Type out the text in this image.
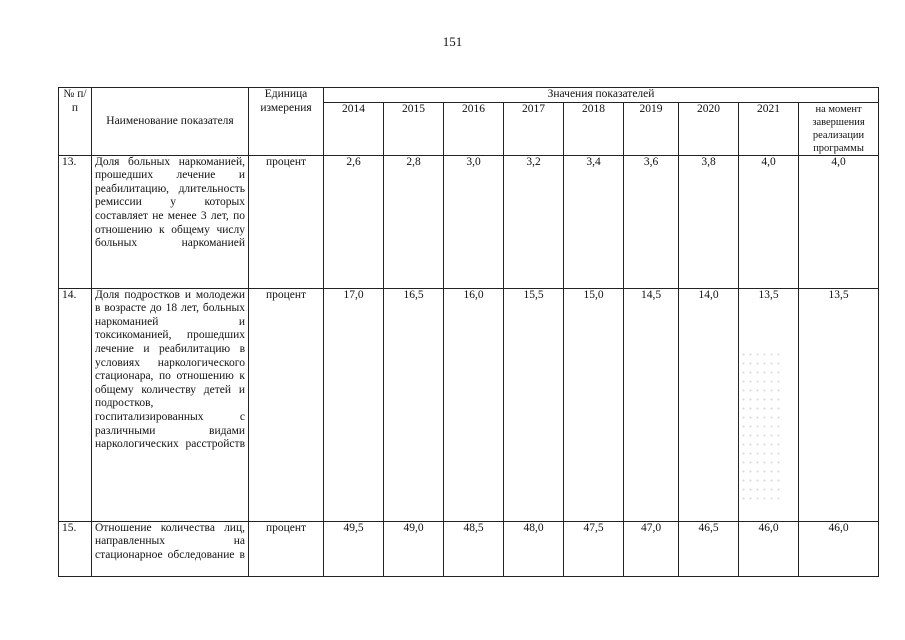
151
№ п/п	Наименование показателя	Единица измерения	Значения показателей								
			2014	2015	2016	2017	2018	2019	2020	2021	на момент завершения реализации программы
13.	Доля больных наркоманией, прошедших лечение и реабилитацию, длительность ремиссии у которых составляет не менее 3 лет, по отношению к общему числу больных наркоманией	процент	2,6	2,8	3,0	3,2	3,4	3,6	3,8	4,0	4,0
14.	Доля подростков и молодежи в возрасте до 18 лет, больных наркоманией и токсикоманией, прошедших лечение и реабилитацию в условиях наркологического стационара, по отношению к общему количеству детей и подростков, госпитализированных с различными видами наркологических расстройств	процент	17,0	16,5	16,0	15,5	15,0	14,5	14,0	13,5	13,5
15.	Отношение количества лиц, направленных на стационарное обследование в	процент	49,5	49,0	48,5	48,0	47,5	47,0	46,5	46,0	46,0
